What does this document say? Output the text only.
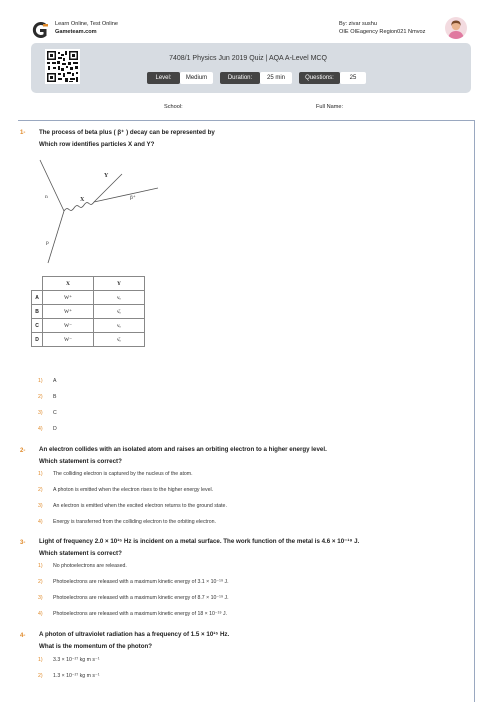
Learn Online, Test Online
Gameteam.com
By: zivar sushu
OIE OIEagency Region021 Nmvoz
7408/1 Physics Jun 2019 Quiz | AQA A-Level MCQ
Level:	Medium	Duration:	25 min	Questions:	25
School:	Full Name:
1- The process of beta plus ( β⁺ ) decay can be represented by
Which row identifies particles X and Y?
n
p
X
Y
β⁺
	X	Y
A	W⁺	νₑ
B	W⁺	ν̄ₑ
C	W⁻	νₑ
D	W⁻	ν̄ₑ
1) A
2) B
3) C
4) D
2- An electron collides with an isolated atom and raises an orbiting electron to a higher energy level.
Which statement is correct?
1) The colliding electron is captured by the nucleus of the atom.
2) A photon is emitted when the electron rises to the higher energy level.
3) An electron is emitted when the excited electron returns to the ground state.
4) Energy is transferred from the colliding electron to the orbiting electron.
3- Light of frequency 2.0 × 10¹⁵ Hz is incident on a metal surface. The work function of the metal is 4.6 × 10⁻¹⁹ J.
Which statement is correct?
1) No photoelectrons are released.
2) Photoelectrons are released with a maximum kinetic energy of 3.1 × 10⁻¹⁹ J.
3) Photoelectrons are released with a maximum kinetic energy of 8.7 × 10⁻¹⁹ J.
4) Photoelectrons are released with a maximum kinetic energy of 18 × 10⁻¹⁹ J.
4- A photon of ultraviolet radiation has a frequency of 1.5 × 10¹⁵ Hz.
What is the momentum of the photon?
1) 3.3 × 10⁻²⁷ kg m s⁻¹
2) 1.3 × 10⁻²⁷ kg m s⁻¹
